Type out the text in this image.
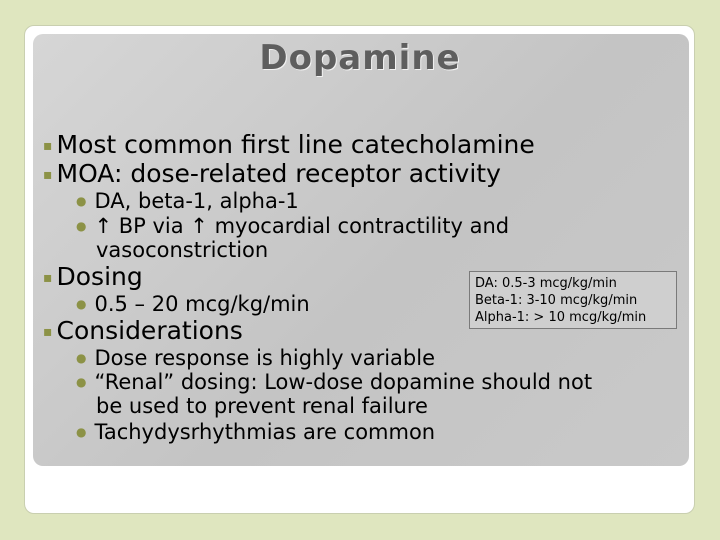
Dopamine
▪ Most common first line catecholamine
▪ MOA: dose-related receptor activity
● DA, beta-1, alpha-1
● ↑ BP via ↑ myocardial contractility and
vasoconstriction
▪ Dosing
● 0.5 – 20 mcg/kg/min
▪ Considerations
● Dose response is highly variable
● “Renal” dosing: Low-dose dopamine should not
be used to prevent renal failure
● Tachydysrhythmias are common
DA: 0.5-3 mcg/kg/min
Beta-1: 3-10 mcg/kg/min
Alpha-1: > 10 mcg/kg/min
